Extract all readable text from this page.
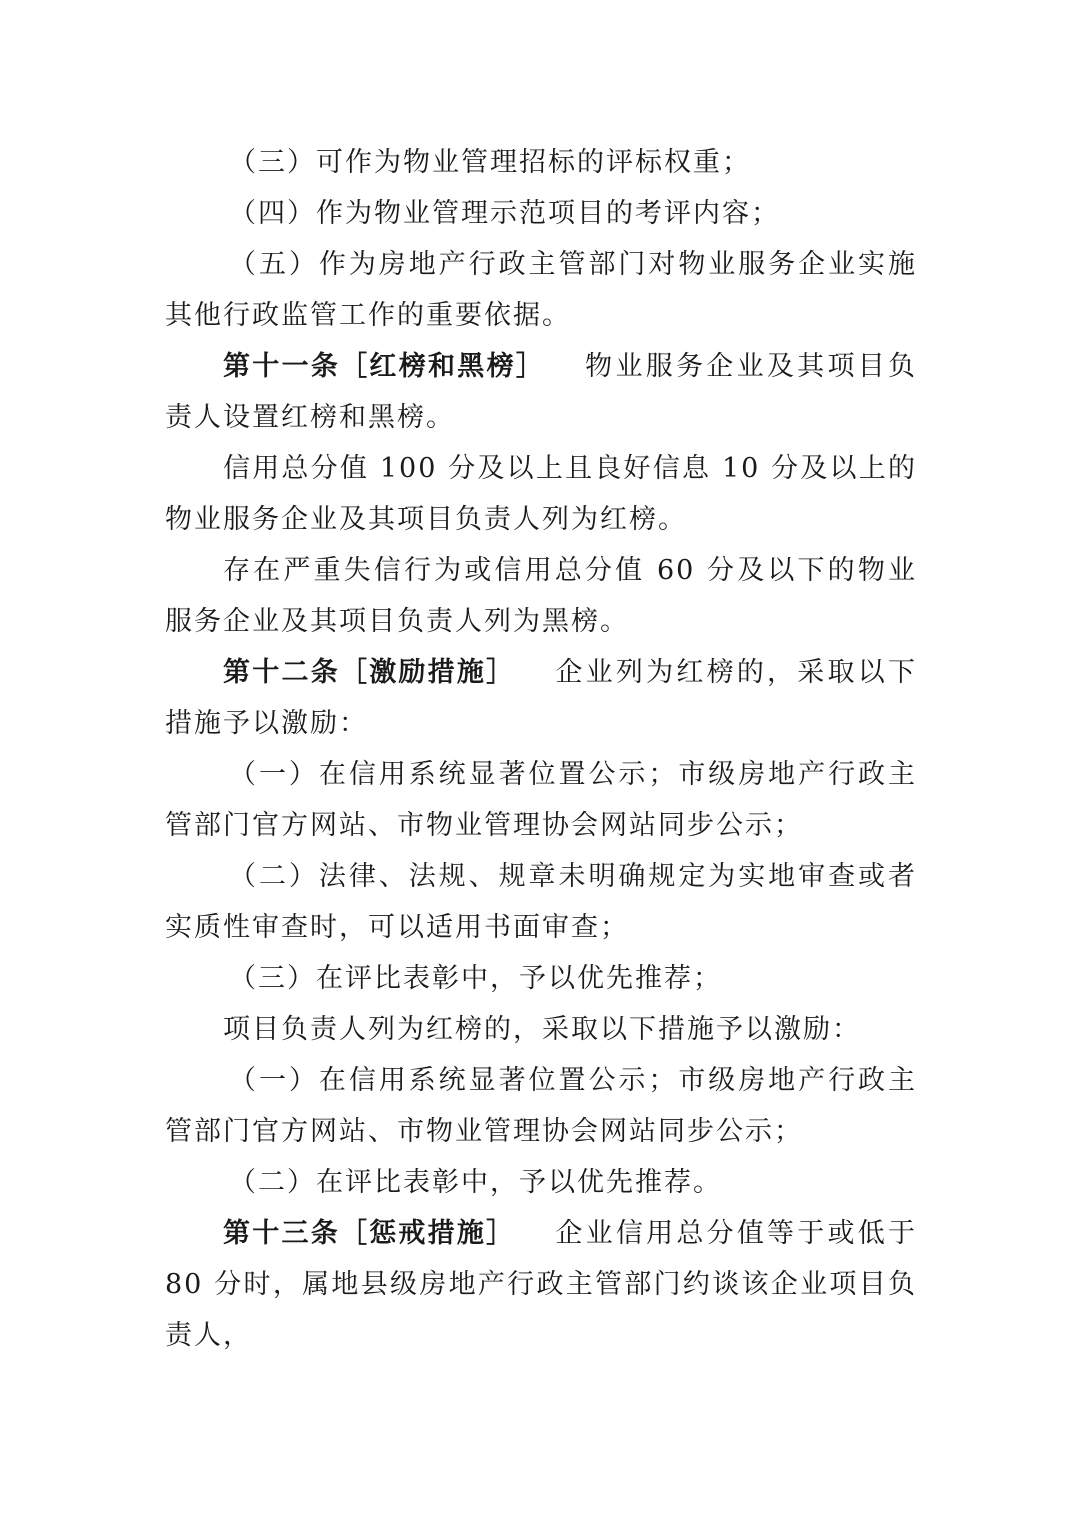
（三）可作为物业管理招标的评标权重；

（四）作为物业管理示范项目的考评内容；

（五）作为房地产行政主管部门对物业服务企业实施其他行政监管工作的重要依据。

第十一条［红榜和黑榜］ 物业服务企业及其项目负责人设置红榜和黑榜。

信用总分值 100 分及以上且良好信息 10 分及以上的物业服务企业及其项目负责人列为红榜。

存在严重失信行为或信用总分值 60 分及以下的物业服务企业及其项目负责人列为黑榜。

第十二条［激励措施］ 企业列为红榜的，采取以下措施予以激励：

（一）在信用系统显著位置公示；市级房地产行政主管部门官方网站、市物业管理协会网站同步公示；

（二）法律、法规、规章未明确规定为实地审查或者实质性审查时，可以适用书面审查；

（三）在评比表彰中，予以优先推荐；

项目负责人列为红榜的，采取以下措施予以激励：

（一）在信用系统显著位置公示；市级房地产行政主管部门官方网站、市物业管理协会网站同步公示；

（二）在评比表彰中，予以优先推荐。

第十三条［惩戒措施］ 企业信用总分值等于或低于 80 分时，属地县级房地产行政主管部门约谈该企业项目负责人，
